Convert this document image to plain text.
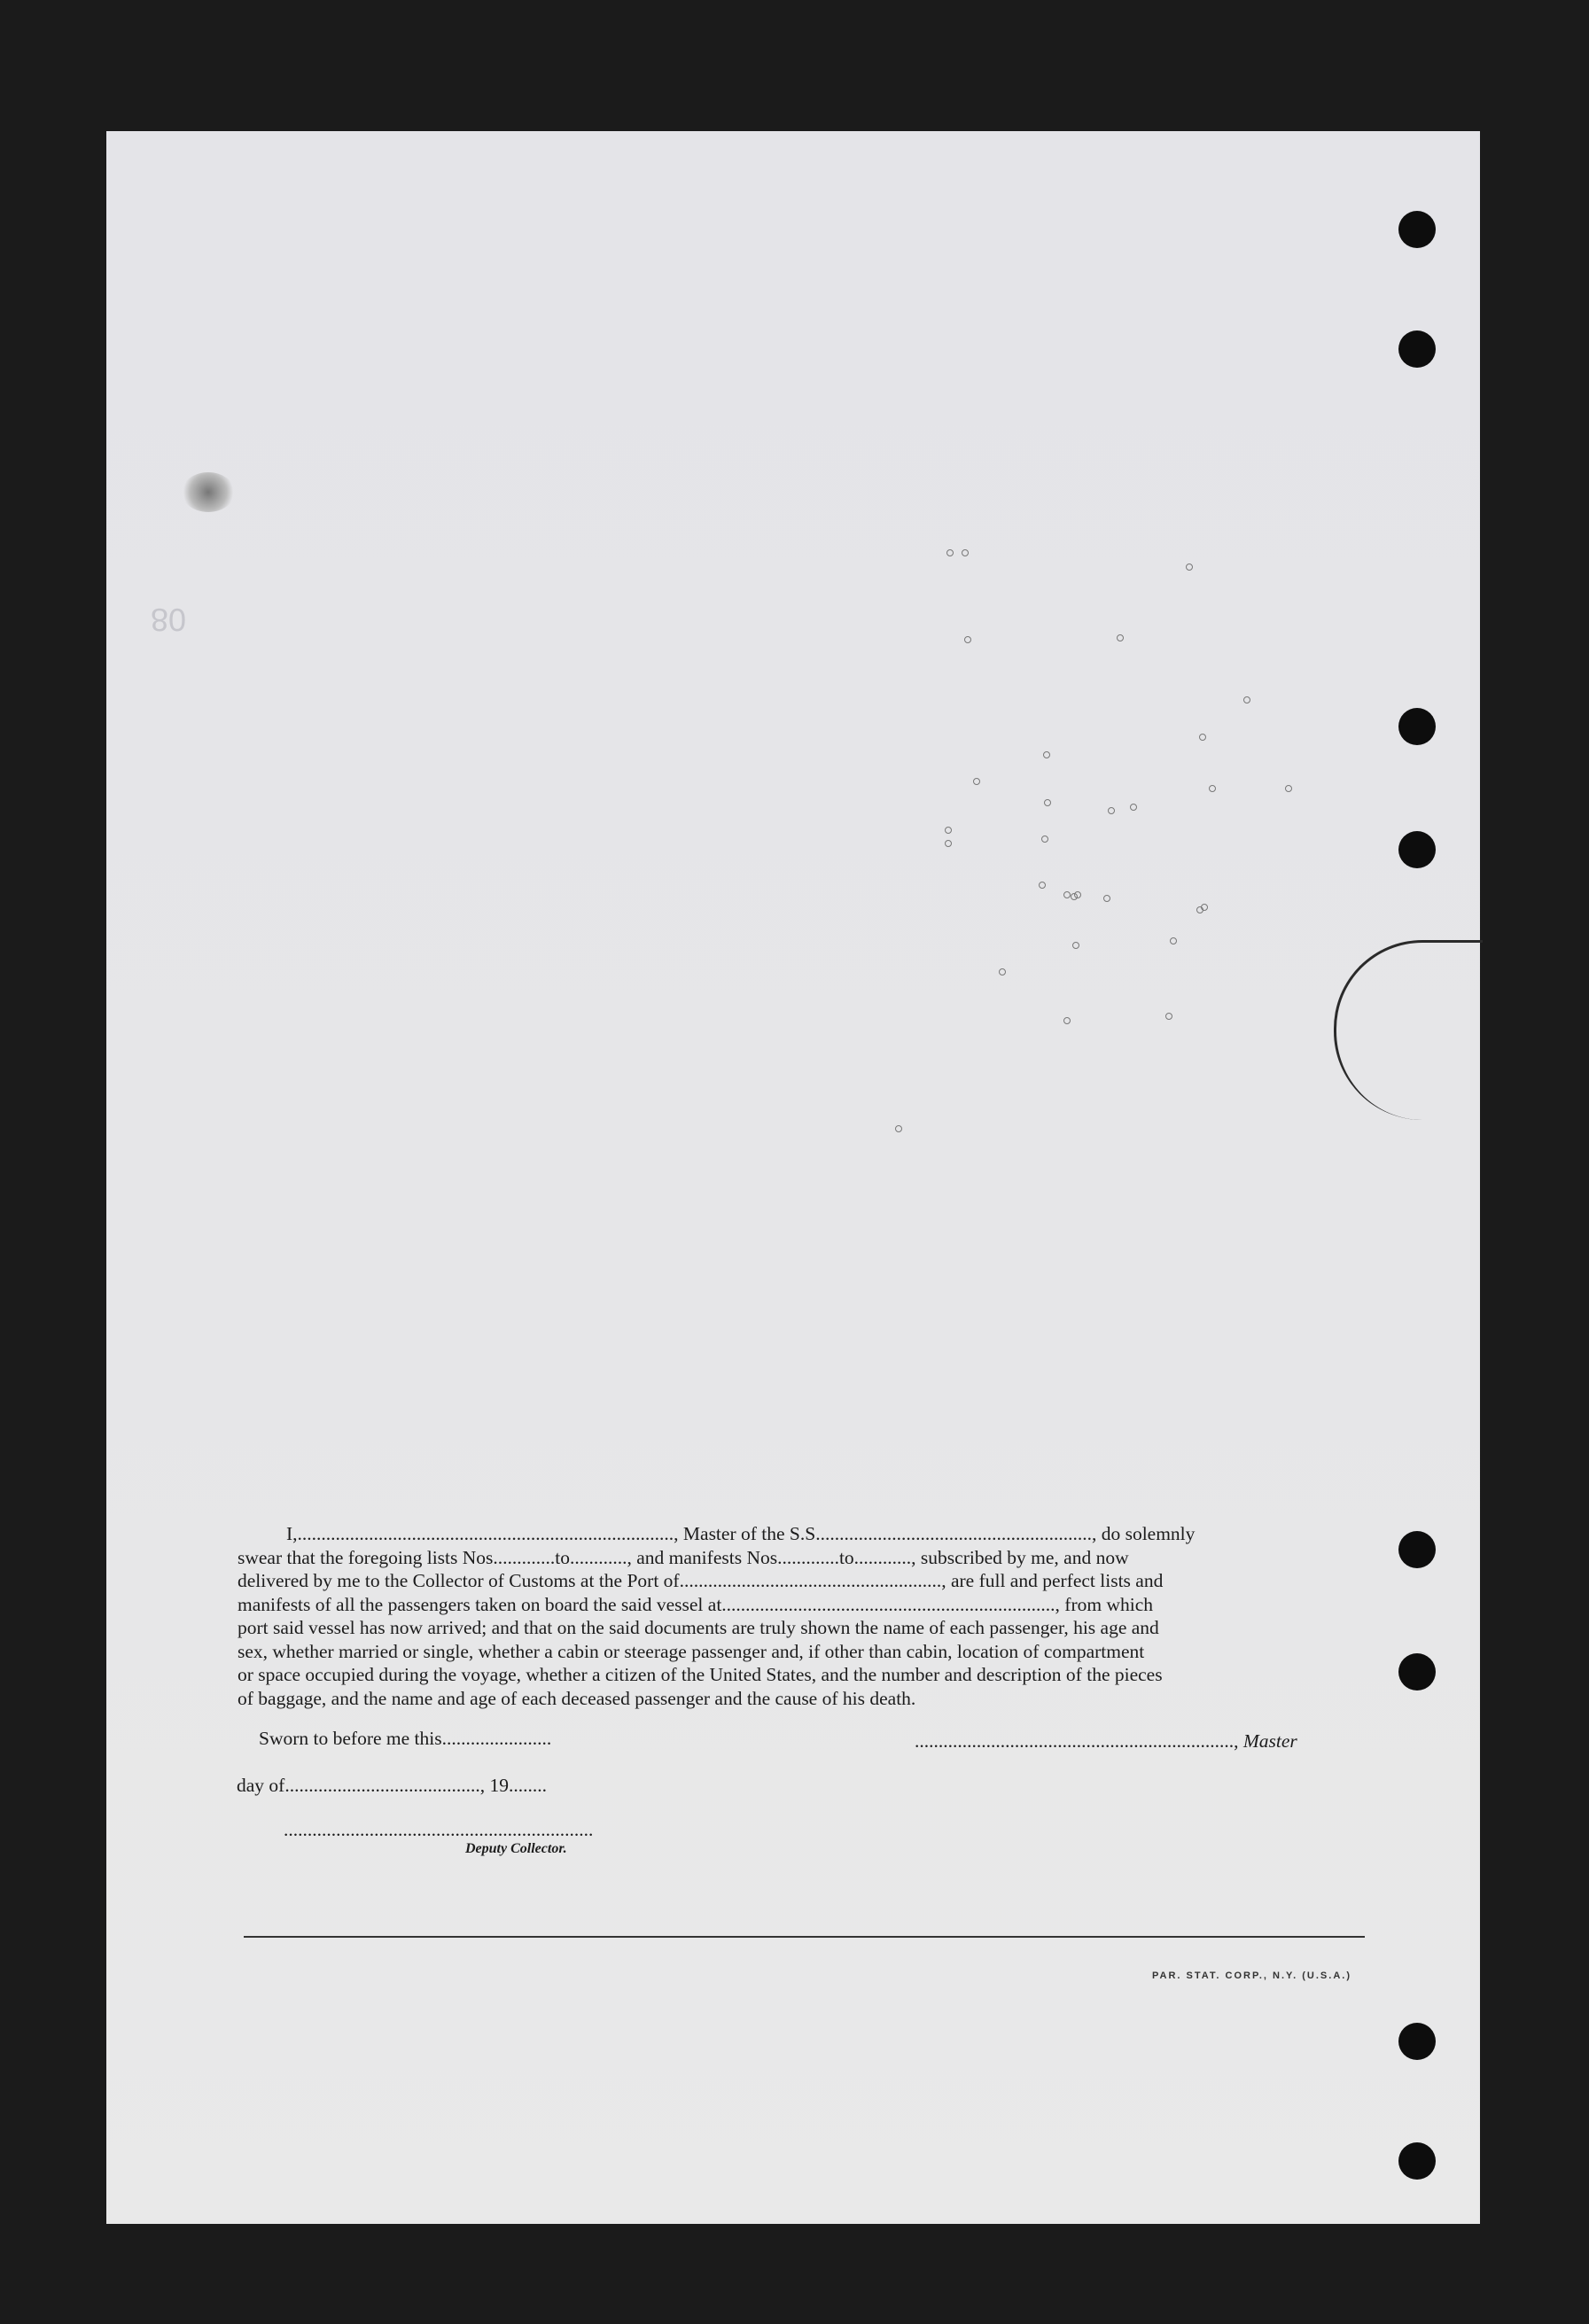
08
I,..............................................................................., Master of the S.S.........................................................., do solemnly
swear that the foregoing lists Nos.............to............, and manifests Nos.............to............, subscribed by me, and now
delivered by me to the Collector of Customs at the Port of......................................................., are full and perfect lists and
manifests of all the passengers taken on board the said vessel at......................................................................, from which
port said vessel has now arrived; and that on the said documents are truly shown the name of each passenger, his age and
sex, whether married or single, whether a cabin or steerage passenger and, if other than cabin, location of compartment
or space occupied during the voyage, whether a citizen of the United States, and the number and description of the pieces
of baggage, and the name and age of each deceased passenger and the cause of his death.
Sworn to before me this.......................	..................................................................., Master
day of........................................., 19........
.................................................................
Deputy Collector.
PAR. STAT. CORP., N.Y. (U.S.A.)
